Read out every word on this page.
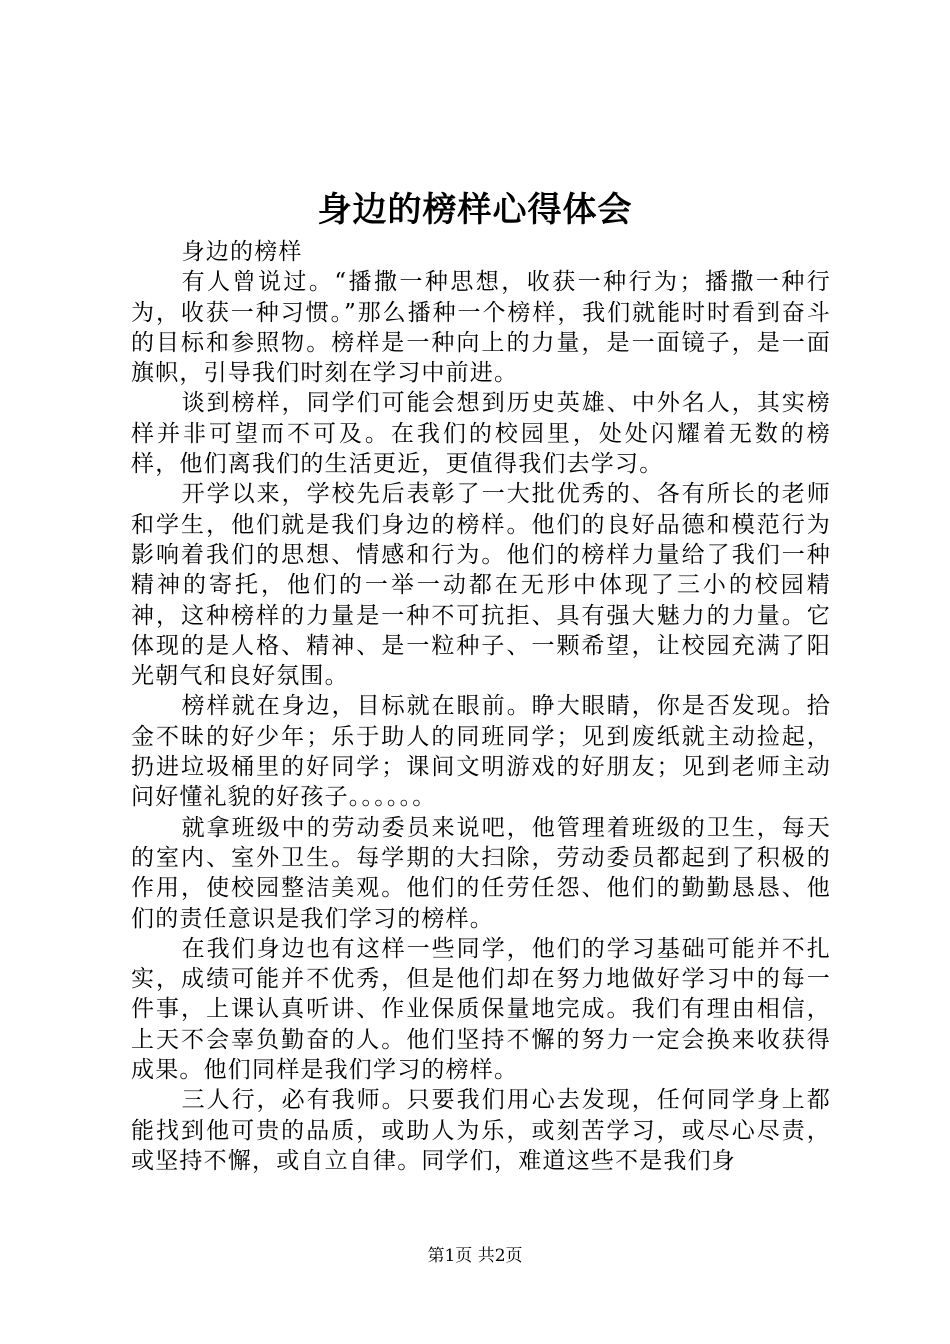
身边的榜样心得体会

身边的榜样

有人曾说过。“播撒一种思想，收获一种行为；播撒一种行为，收获一种习惯。”那么播种一个榜样，我们就能时时看到奋斗的目标和参照物。榜样是一种向上的力量，是一面镜子，是一面旗帜，引导我们时刻在学习中前进。

谈到榜样，同学们可能会想到历史英雄、中外名人，其实榜样并非可望而不可及。在我们的校园里，处处闪耀着无数的榜样，他们离我们的生活更近，更值得我们去学习。

开学以来，学校先后表彰了一大批优秀的、各有所长的老师和学生，他们就是我们身边的榜样。他们的良好品德和模范行为影响着我们的思想、情感和行为。他们的榜样力量给了我们一种精神的寄托，他们的一举一动都在无形中体现了三小的校园精神，这种榜样的力量是一种不可抗拒、具有强大魅力的力量。它体现的是人格、精神、是一粒种子、一颗希望，让校园充满了阳光朝气和良好氛围。

榜样就在身边，目标就在眼前。睁大眼睛，你是否发现。拾金不昧的好少年；乐于助人的同班同学；见到废纸就主动捡起，扔进垃圾桶里的好同学；课间文明游戏的好朋友；见到老师主动问好懂礼貌的好孩子。。。。。。

就拿班级中的劳动委员来说吧，他管理着班级的卫生，每天的室内、室外卫生。每学期的大扫除，劳动委员都起到了积极的作用，使校园整洁美观。他们的任劳任怨、他们的勤勤恳恳、他们的责任意识是我们学习的榜样。

在我们身边也有这样一些同学，他们的学习基础可能并不扎实，成绩可能并不优秀，但是他们却在努力地做好学习中的每一件事，上课认真听讲、作业保质保量地完成。我们有理由相信，上天不会辜负勤奋的人。他们坚持不懈的努力一定会换来收获得成果。他们同样是我们学习的榜样。

三人行，必有我师。只要我们用心去发现，任何同学身上都能找到他可贵的品质，或助人为乐，或刻苦学习，或尽心尽责，或坚持不懈，或自立自律。同学们，难道这些不是我们身

第1页 共2页
